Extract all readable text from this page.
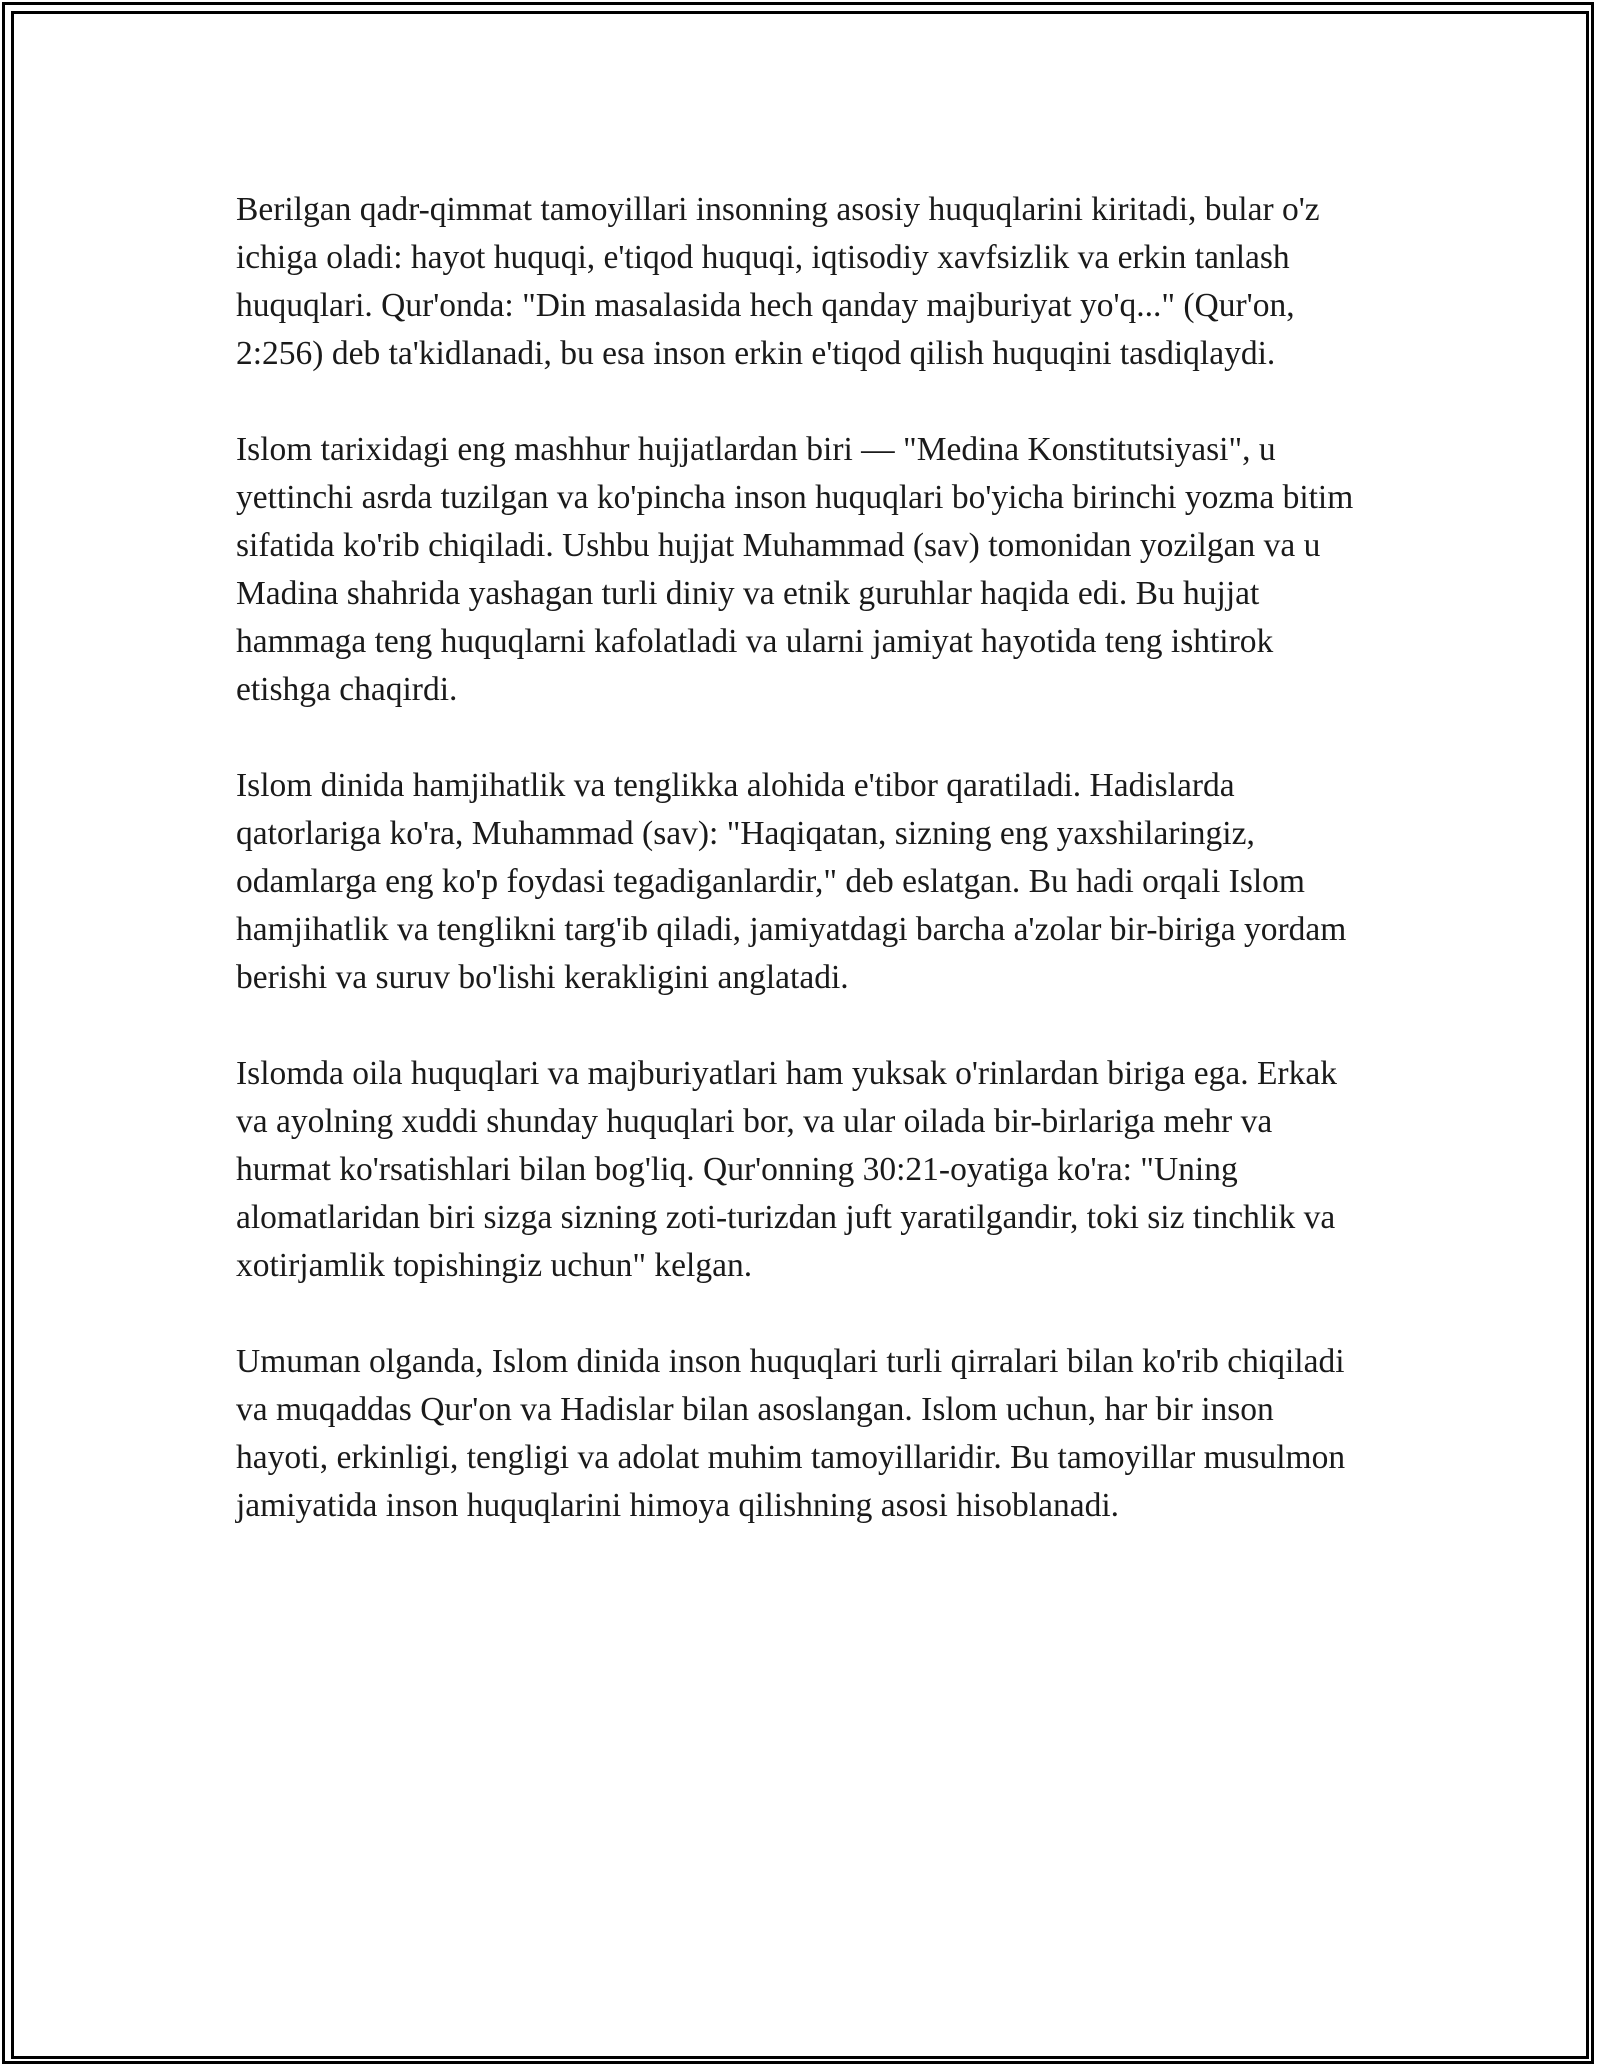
Berilgan qadr-qimmat tamoyillari insonning asosiy huquqlarini kiritadi, bular o'z ichiga oladi: hayot huquqi, e'tiqod huquqi, iqtisodiy xavfsizlik va erkin tanlash huquqlari. Qur'onda: "Din masalasida hech qanday majburiyat yo'q..." (Qur'on, 2:256) deb ta'kidlanadi, bu esa inson erkin e'tiqod qilish huquqini tasdiqlaydi.

Islom tarixidagi eng mashhur hujjatlardan biri — "Medina Konstitutsiyasi", u yettinchi asrda tuzilgan va ko'pincha inson huquqlari bo'yicha birinchi yozma bitim sifatida ko'rib chiqiladi. Ushbu hujjat Muhammad (sav) tomonidan yozilgan va u Madina shahrida yashagan turli diniy va etnik guruhlar haqida edi. Bu hujjat hammaga teng huquqlarni kafolatladi va ularni jamiyat hayotida teng ishtirok etishga chaqirdi.

Islom dinida hamjihatlik va tenglikka alohida e'tibor qaratiladi. Hadislarda qatorlariga ko'ra, Muhammad (sav): "Haqiqatan, sizning eng yaxshilaringiz, odamlarga eng ko'p foydasi tegadiganlardir," deb eslatgan. Bu hadi orqali Islom hamjihatlik va tenglikni targ'ib qiladi, jamiyatdagi barcha a'zolar bir-biriga yordam berishi va suruv bo'lishi kerakligini anglatadi.

Islomda oila huquqlari va majburiyatlari ham yuksak o'rinlardan biriga ega. Erkak va ayolning xuddi shunday huquqlari bor, va ular oilada bir-birlariga mehr va hurmat ko'rsatishlari bilan bog'liq. Qur'onning 30:21-oyatiga ko'ra: "Uning alomatlaridan biri sizga sizning zoti-turizdan juft yaratilgandir, toki siz tinchlik va xotirjamlik topishingiz uchun" kelgan.

Umuman olganda, Islom dinida inson huquqlari turli qirralari bilan ko'rib chiqiladi va muqaddas Qur'on va Hadislar bilan asoslangan. Islom uchun, har bir inson hayoti, erkinligi, tengligi va adolat muhim tamoyillaridir. Bu tamoyillar musulmon jamiyatida inson huquqlarini himoya qilishning asosi hisoblanadi.
